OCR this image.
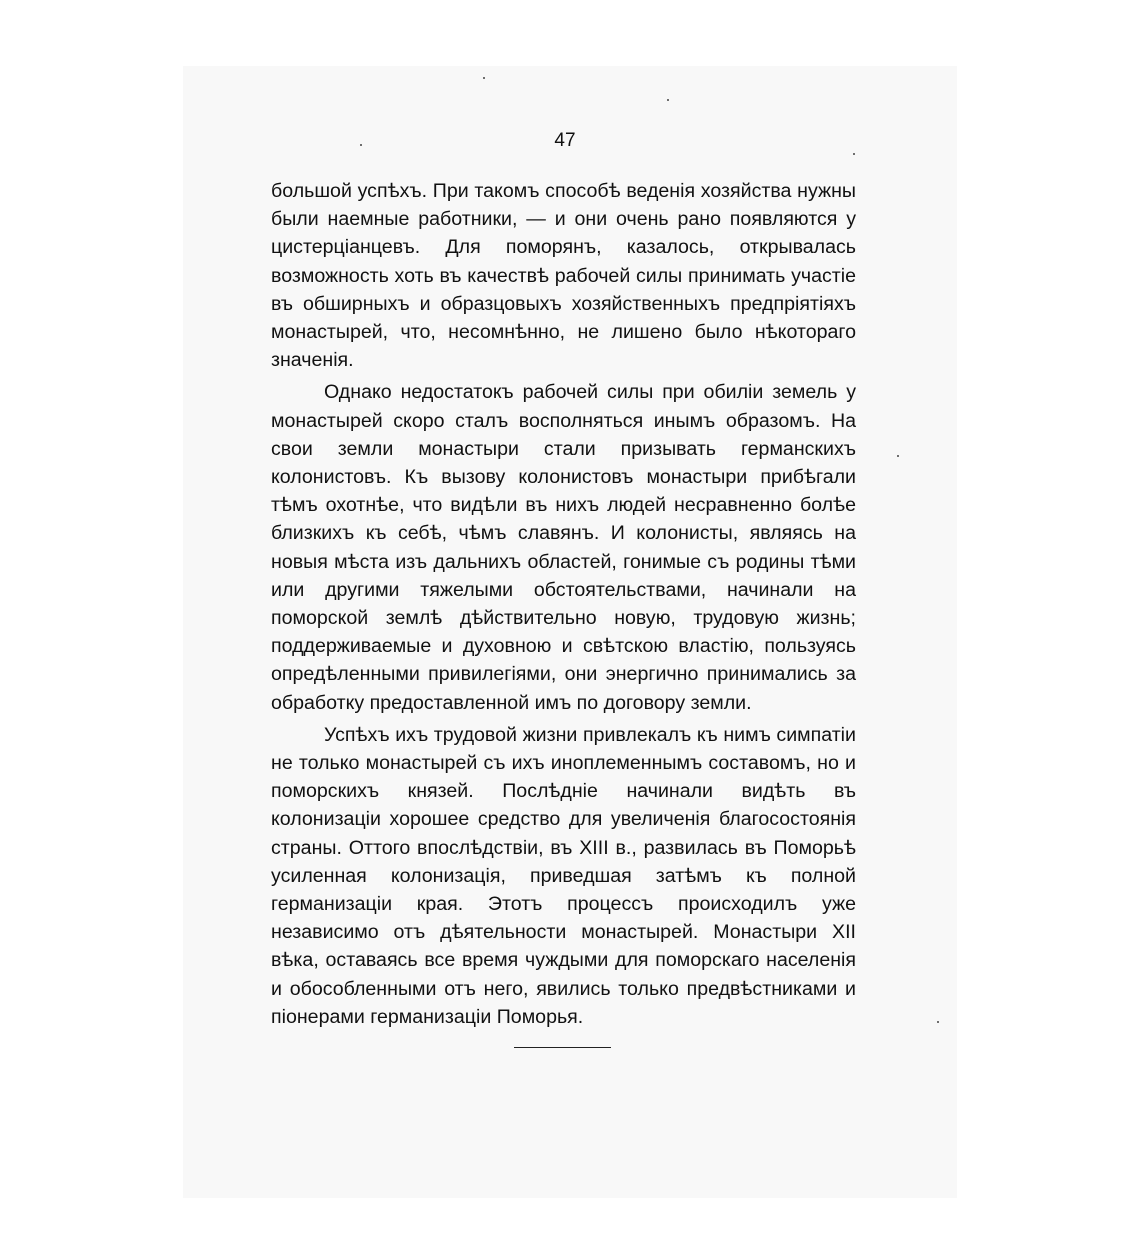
47

большой успѣхъ. При такомъ способѣ веденія хозяйства нужны были наемные работники, — и они очень рано появляются у цистерціанцевъ. Для поморянъ, казалось, открывалась возможность хоть въ качествѣ рабочей силы принимать участіе въ обширныхъ и образцовыхъ хозяйственныхъ предпріятіяхъ монастырей, что, несомнѣнно, не лишено было нѣкотораго значенія.

Однако недостатокъ рабочей силы при обиліи земель у монастырей скоро сталъ восполняться инымъ образомъ. На свои земли монастыри стали призывать германскихъ колонистовъ. Къ вызову колонистовъ монастыри прибѣгали тѣмъ охотнѣе, что видѣли въ нихъ людей несравненно болѣе близкихъ къ себѣ, чѣмъ славянъ. И колонисты, являясь на новыя мѣста изъ дальнихъ областей, гонимые съ родины тѣми или другими тяжелыми обстоятельствами, начинали на поморской землѣ дѣйствительно новую, трудовую жизнь; поддерживаемые и духовною и свѣтскою властію, пользуясь опредѣленными привилегіями, они энергично принимались за обработку предоставленной имъ по договору земли.

Успѣхъ ихъ трудовой жизни привлекалъ къ нимъ симпатіи не только монастырей съ ихъ иноплеменнымъ составомъ, но и поморскихъ князей. Послѣдніе начинали видѣть въ колонизаціи хорошее средство для увеличенія благосостоянія страны. Оттого впослѣдствіи, въ XIII в., развилась въ Поморьѣ усиленная колонизація, приведшая затѣмъ къ полной германизаціи края. Этотъ процессъ происходилъ уже независимо отъ дѣятельности монастырей. Монастыри XII вѣка, оставаясь все время чуждыми для поморскаго населенія и обособленными отъ него, явились только предвѣстниками и піонерами германизаціи Поморья.
